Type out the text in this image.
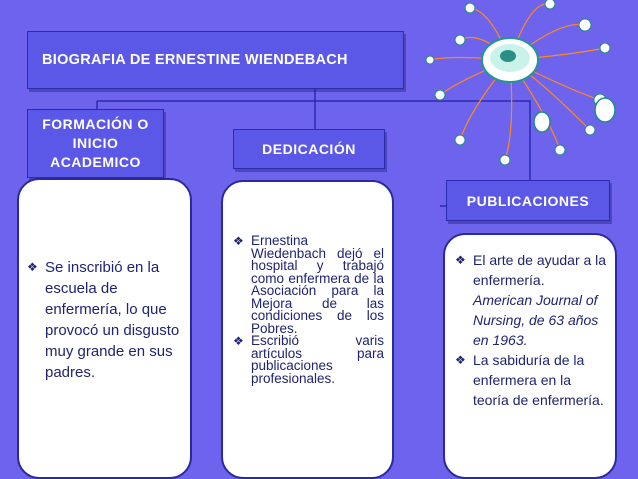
BIOGRAFIA DE ERNESTINE WIENDEBACH
FORMACIÓN O INICIO ACADEMICO
DEDICACIÓN
PUBLICACIONES
❖ Se inscribió en la escuela de enfermería, lo que provocó un disgusto muy grande en sus padres.
❖ Ernestina Wiedenbach dejó el hospital y trabajó como enfermera de la Asociación para la Mejora de las condiciones de los Pobres.
❖ Escribió varis artículos para publicaciones profesionales.
❖ El arte de ayudar a la enfermería. American Journal of Nursing, de 63 años en 1963.
❖ La sabiduría de la enfermera en la teoría de enfermería.
